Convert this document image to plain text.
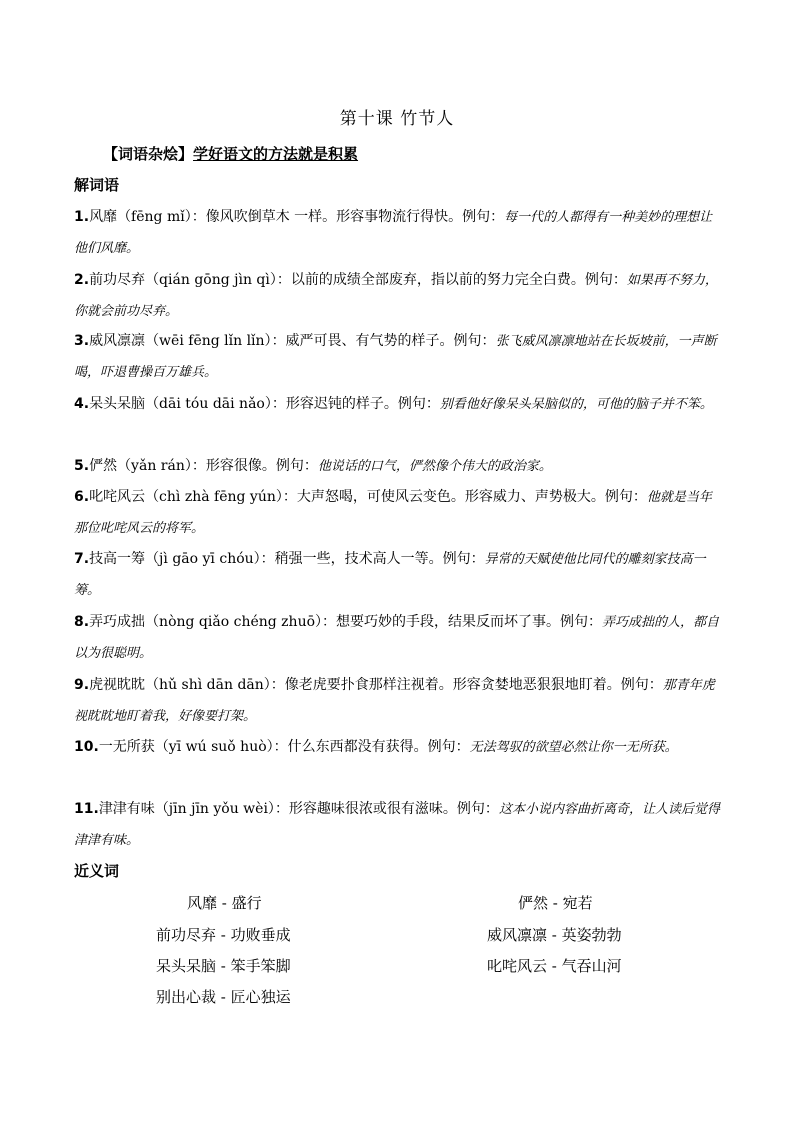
第十课 竹节人
【词语杂烩】学好语文的方法就是积累
解词语
1.风靡（fēng mǐ）：像风吹倒草木 一样。形容事物流行得快。例句：每一代的人都得有一种美妙的理想让他们风靡。
2.前功尽弃（qián gōng jìn qì）：以前的成绩全部废弃，指以前的努力完全白费。例句：如果再不努力，你就会前功尽弃。
3.威风凛凛（wēi fēng lǐn lǐn）：威严可畏、有气势的样子。例句：张飞威风凛凛地站在长坂坡前，一声断喝，吓退曹操百万雄兵。
4.呆头呆脑（dāi tóu dāi nǎo）：形容迟钝的样子。例句：别看他好像呆头呆脑似的，可他的脑子并不笨。
5.俨然（yǎn rán）：形容很像。例句：他说话的口气，俨然像个伟大的政治家。
6.叱咤风云（chì zhà fēng yún）：大声怒喝，可使风云变色。形容威力、声势极大。例句：他就是当年那位叱咤风云的将军。
7.技高一筹（jì gāo yī chóu）：稍强一些，技术高人一等。例句：异常的天赋使他比同代的雕刻家技高一筹。
8.弄巧成拙（nòng qiǎo chéng zhuō）：想要巧妙的手段，结果反而坏了事。例句：弄巧成拙的人，都自以为很聪明。
9.虎视眈眈（hǔ shì dān dān）：像老虎要扑食那样注视着。形容贪婪地恶狠狠地盯着。例句：那青年虎视眈眈地盯着我，好像要打架。
10.一无所获（yī wú suǒ huò）：什么东西都没有获得。例句：无法驾驭的欲望必然让你一无所获。
11.津津有味（jīn jīn yǒu wèi）：形容趣味很浓或很有滋味。例句：这本小说内容曲折离奇，让人读后觉得津津有味。
近义词
风靡 - 盛行	俨然 - 宛若
前功尽弃 - 功败垂成	威风凛凛 - 英姿勃勃
呆头呆脑 - 笨手笨脚	叱咤风云 - 气吞山河
别出心裁 - 匠心独运
